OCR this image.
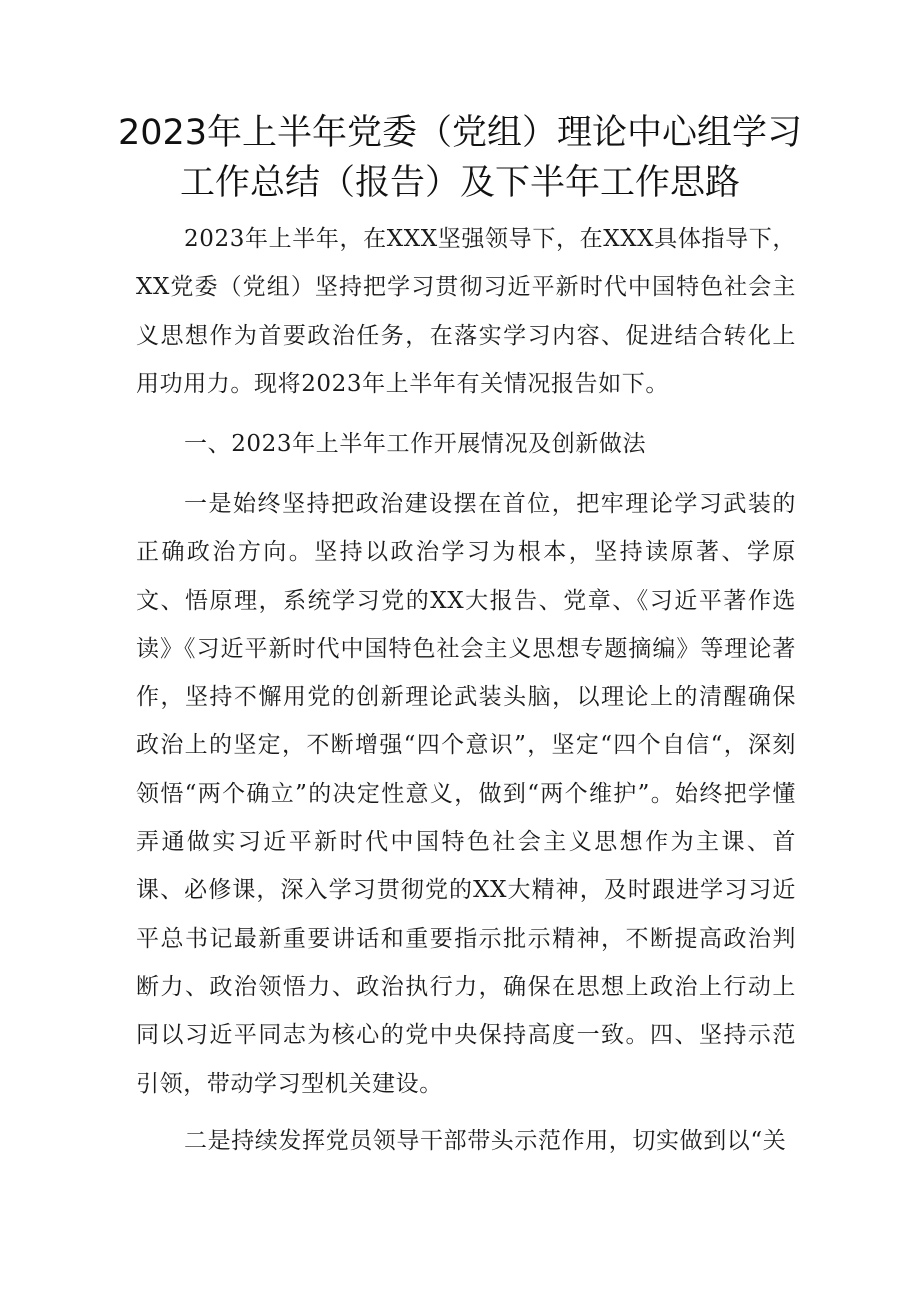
2023年上半年党委（党组）理论中心组学习
工作总结（报告）及下半年工作思路

2023年上半年，在XXX坚强领导下，在XXX具体指导下，XX党委（党组）坚持把学习贯彻习近平新时代中国特色社会主义思想作为首要政治任务，在落实学习内容、促进结合转化上用功用力。现将2023年上半年有关情况报告如下。

一、2023年上半年工作开展情况及创新做法

一是始终坚持把政治建设摆在首位，把牢理论学习武装的正确政治方向。坚持以政治学习为根本，坚持读原著、学原文、悟原理，系统学习党的XX大报告、党章、《习近平著作选读》《习近平新时代中国特色社会主义思想专题摘编》等理论著作，坚持不懈用党的创新理论武装头脑，以理论上的清醒确保政治上的坚定，不断增强“四个意识”，坚定“四个自信“，深刻领悟“两个确立”的决定性意义，做到“两个维护”。始终把学懂弄通做实习近平新时代中国特色社会主义思想作为主课、首课、必修课，深入学习贯彻党的XX大精神，及时跟进学习习近平总书记最新重要讲话和重要指示批示精神，不断提高政治判断力、政治领悟力、政治执行力，确保在思想上政治上行动上同以习近平同志为核心的党中央保持高度一致。四、坚持示范引领，带动学习型机关建设。

二是持续发挥党员领导干部带头示范作用，切实做到以“关
